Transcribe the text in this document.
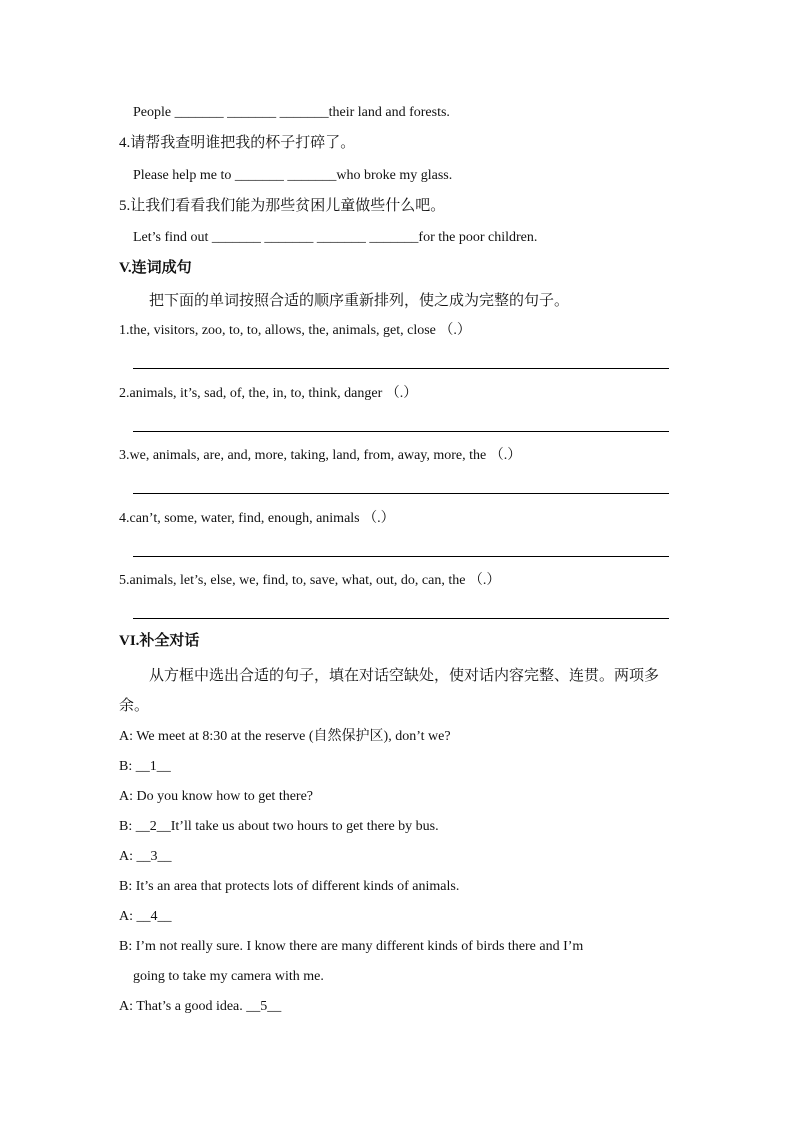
People _______ _______ _______their land and forests.
4.请帮我查明谁把我的杯子打碎了。
Please help me to _______ _______who broke my glass.
5.让我们看看我们能为那些贫困儿童做些什么吧。
Let’s find out _______ _______ _______ _______for the poor children.
V.连词成句
把下面的单词按照合适的顺序重新排列，使之成为完整的句子。
1.the, visitors, zoo, to, to, allows, the, animals, get, close （.）
2.animals, it’s, sad, of, the, in, to, think, danger （.）
3.we, animals, are, and, more, taking, land, from, away, more, the （.）
4.can’t, some, water, find, enough, animals （.）
5.animals, let’s, else, we, find, to, save, what, out, do, can, the （.）
VI.补全对话
从方框中选出合适的句子，填在对话空缺处，使对话内容完整、连贯。两项多余。
A: We meet at 8:30 at the reserve (自然保护区), don’t we?
B: __1__
A: Do you know how to get there?
B: __2__It’ll take us about two hours to get there by bus.
A: __3__
B: It’s an area that protects lots of different kinds of animals.
A: __4__
B: I’m not really sure. I know there are many different kinds of birds there and I’m
going to take my camera with me.
A: That’s a good idea. __5__
